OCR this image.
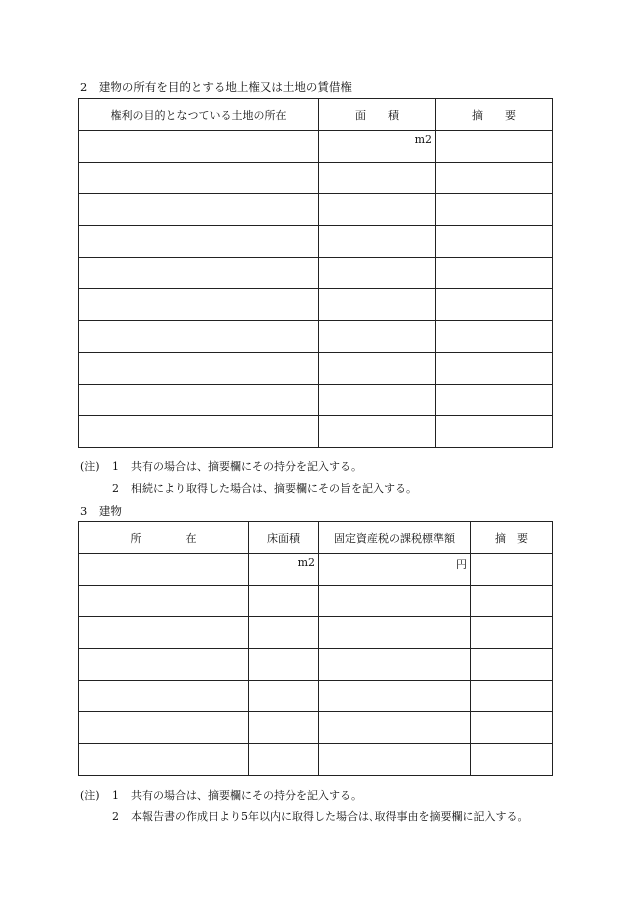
2　建物の所有を目的とする地上権又は土地の賃借権
権利の目的となつている土地の所在	面　　積	摘　　要
	m2	

(注) 1 共有の場合は、摘要欄にその持分を記入する。
2 相続により取得した場合は、摘要欄にその旨を記入する。
3　建物
所　　　　在	床面積	固定資産税の課税標準額	摘　要
	m2	円	

(注) 1 共有の場合は、摘要欄にその持分を記入する。
2 本報告書の作成日より5年以内に取得した場合は､取得事由を摘要欄に記入する。
